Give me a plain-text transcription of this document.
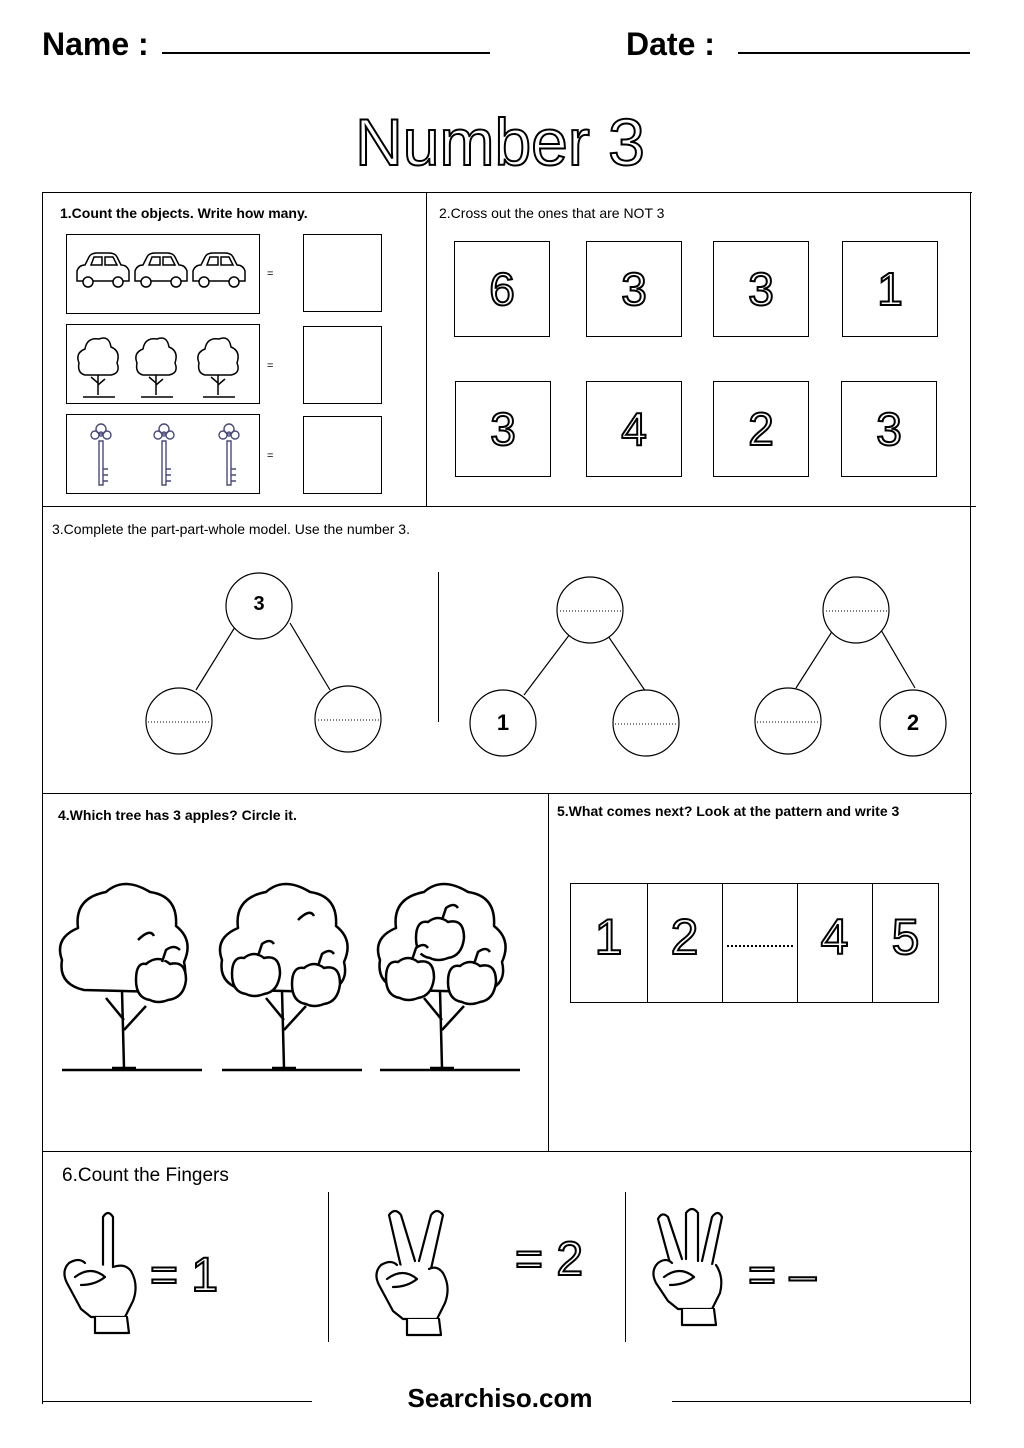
Name :	Date :
Number 3
1.Count the objects. Write how many.
=
=
=
2.Cross out the ones that are NOT 3
6	3	3	1
3	4	2	3
3.Complete the part-part-whole model. Use the number 3.
3
1	2
4.Which tree has 3 apples? Circle it.	5.What comes next? Look at the pattern and write 3
1 2	4 5
6.Count the Fingers
= 1	= 2	= –
Searchiso.com
